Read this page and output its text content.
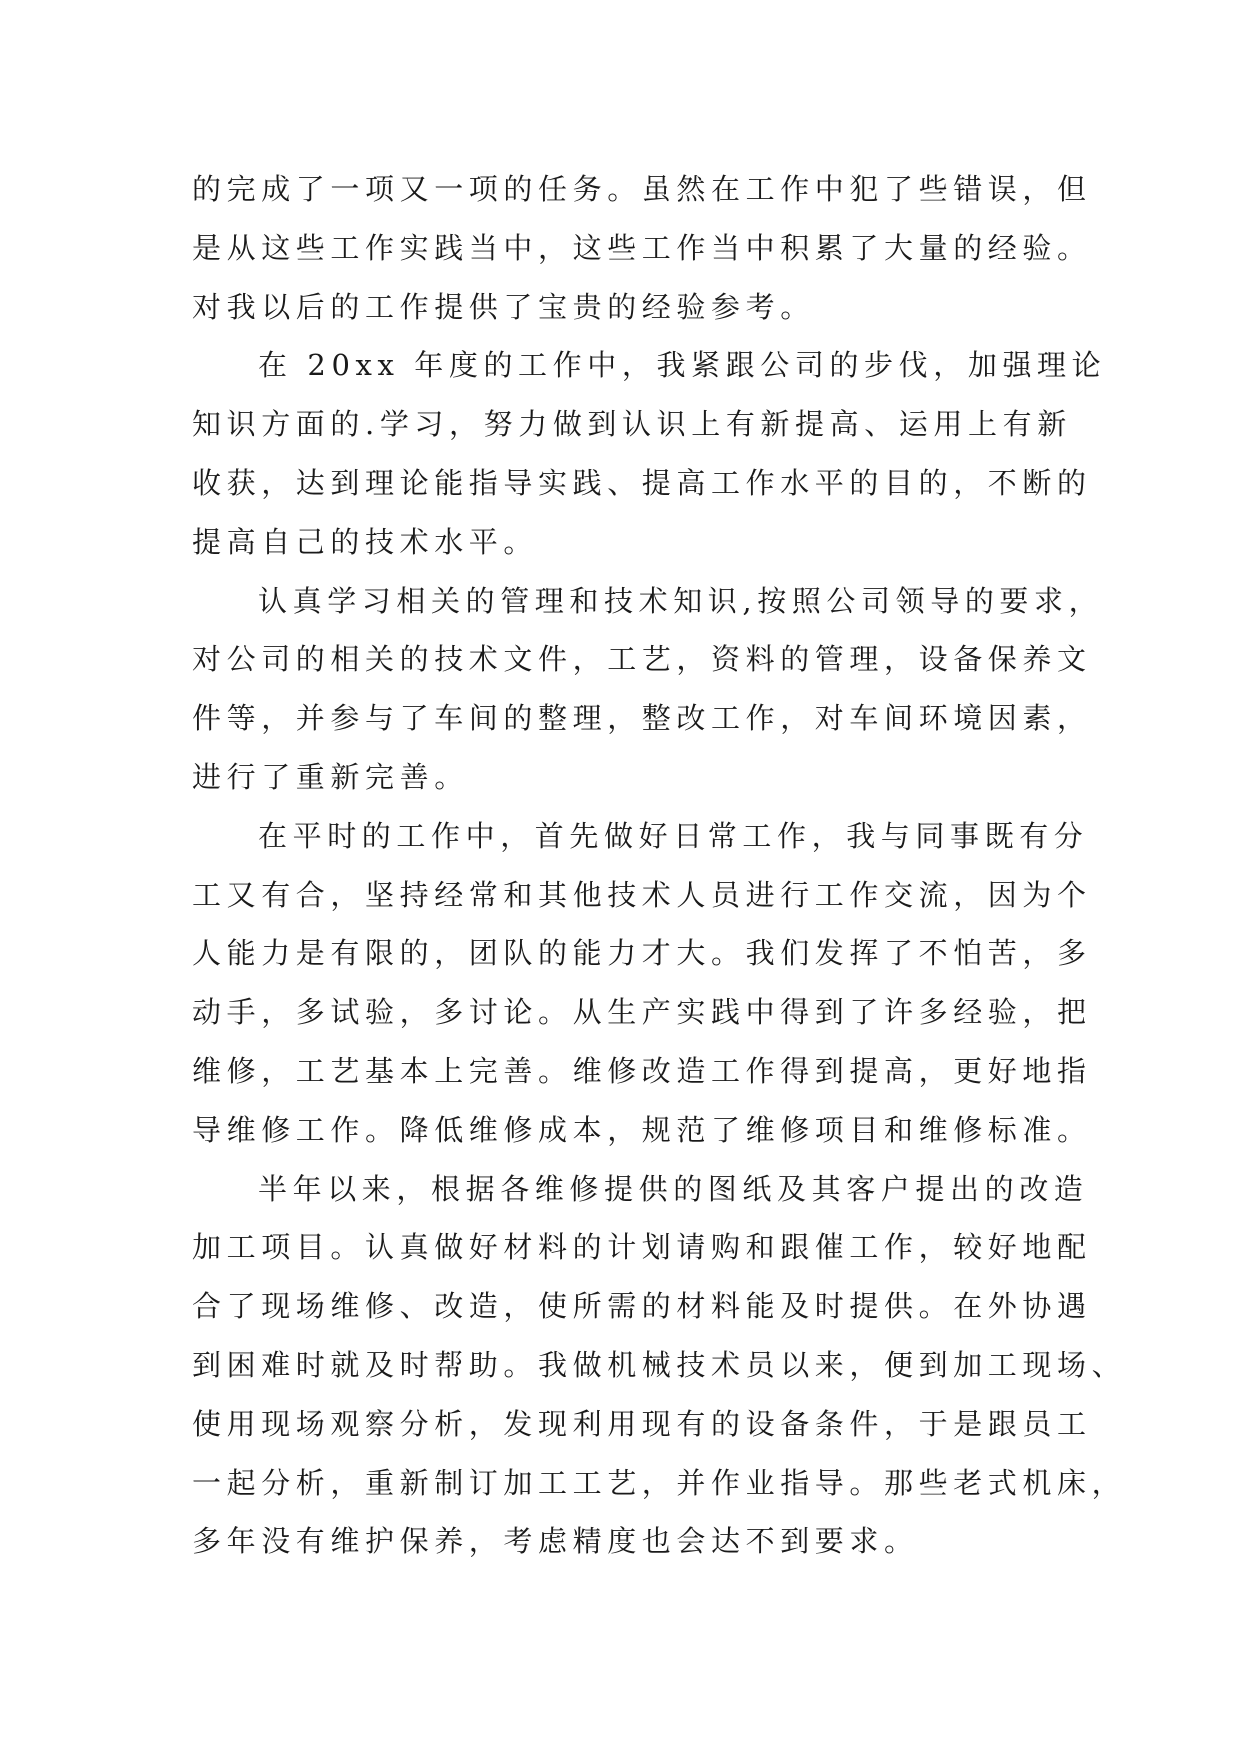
的完成了一项又一项的任务。虽然在工作中犯了些错误，但
是从这些工作实践当中，这些工作当中积累了大量的经验。
对我以后的工作提供了宝贵的经验参考。
在 20xx 年度的工作中，我紧跟公司的步伐，加强理论
知识方面的.学习，努力做到认识上有新提高、运用上有新
收获，达到理论能指导实践、提高工作水平的目的，不断的
提高自己的技术水平。
认真学习相关的管理和技术知识,按照公司领导的要求，
对公司的相关的技术文件，工艺，资料的管理，设备保养文
件等，并参与了车间的整理，整改工作，对车间环境因素，
进行了重新完善。
在平时的工作中，首先做好日常工作，我与同事既有分
工又有合，坚持经常和其他技术人员进行工作交流，因为个
人能力是有限的，团队的能力才大。我们发挥了不怕苦，多
动手，多试验，多讨论。从生产实践中得到了许多经验，把
维修，工艺基本上完善。维修改造工作得到提高，更好地指
导维修工作。降低维修成本，规范了维修项目和维修标准。
半年以来，根据各维修提供的图纸及其客户提出的改造
加工项目。认真做好材料的计划请购和跟催工作，较好地配
合了现场维修、改造，使所需的材料能及时提供。在外协遇
到困难时就及时帮助。我做机械技术员以来，便到加工现场、
使用现场观察分析，发现利用现有的设备条件，于是跟员工
一起分析，重新制订加工工艺，并作业指导。那些老式机床，
多年没有维护保养，考虑精度也会达不到要求。
